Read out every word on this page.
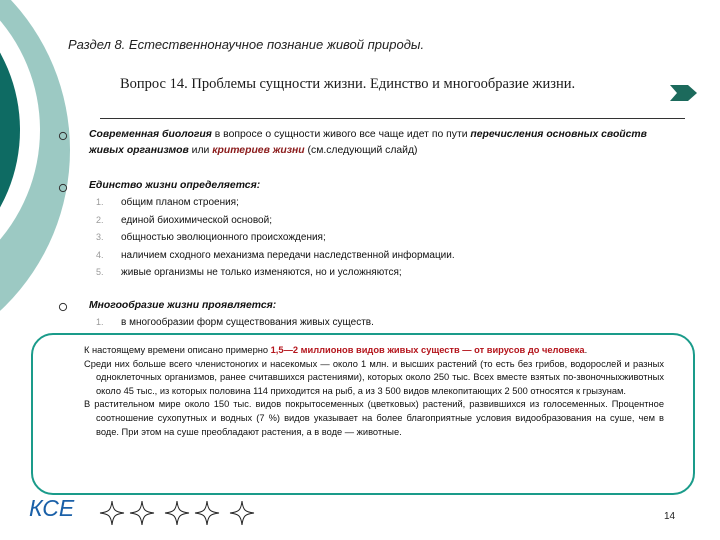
Раздел 8. Естественнонаучное познание живой природы.
Вопрос 14. Проблемы сущности жизни. Единство и многообразие жизни.
Современная биология в вопросе о сущности живого все чаще идет по пути перечисления основных свойств живых организмов или критериев жизни (см.следующий слайд)
Единство жизни определяется:
1. общим планом строения;
2. единой биохимической основой;
3. общностью эволюционного происхождения;
4. наличием сходного механизма передачи наследственной информации.
5. живые организмы не только изменяются, но и усложняются;
Многообразие жизни проявляется:
1. в многообразии форм существования живых существ.

К настоящему времени описано примерно 1,5—2 миллионов видов живых существ — от вирусов до человека.

Среди них больше всего членистоногих и насекомых — около 1 млн. и высших растений (то есть без грибов, водорослей и разных одноклеточных организмов, ранее считавшихся растениями), которых около 250 тыс. Всех вместе взятых по-звоночныхживотных около 45 тыс., из которых половина 114 приходится на рыб, а из 3 500 видов млекопитающих 2 500 относятся к грызунам.

В растительном мире около 150 тыс. видов покрытосеменных (цветковых) растений, развившихся из голосеменных. Процентное соотношение сухопутных и водных (7 %) видов указывает на более благоприятные условия видообразования на суше, чем в воде. При этом на суше преобладают растения, а в воде — животные.

КСЕ	14
